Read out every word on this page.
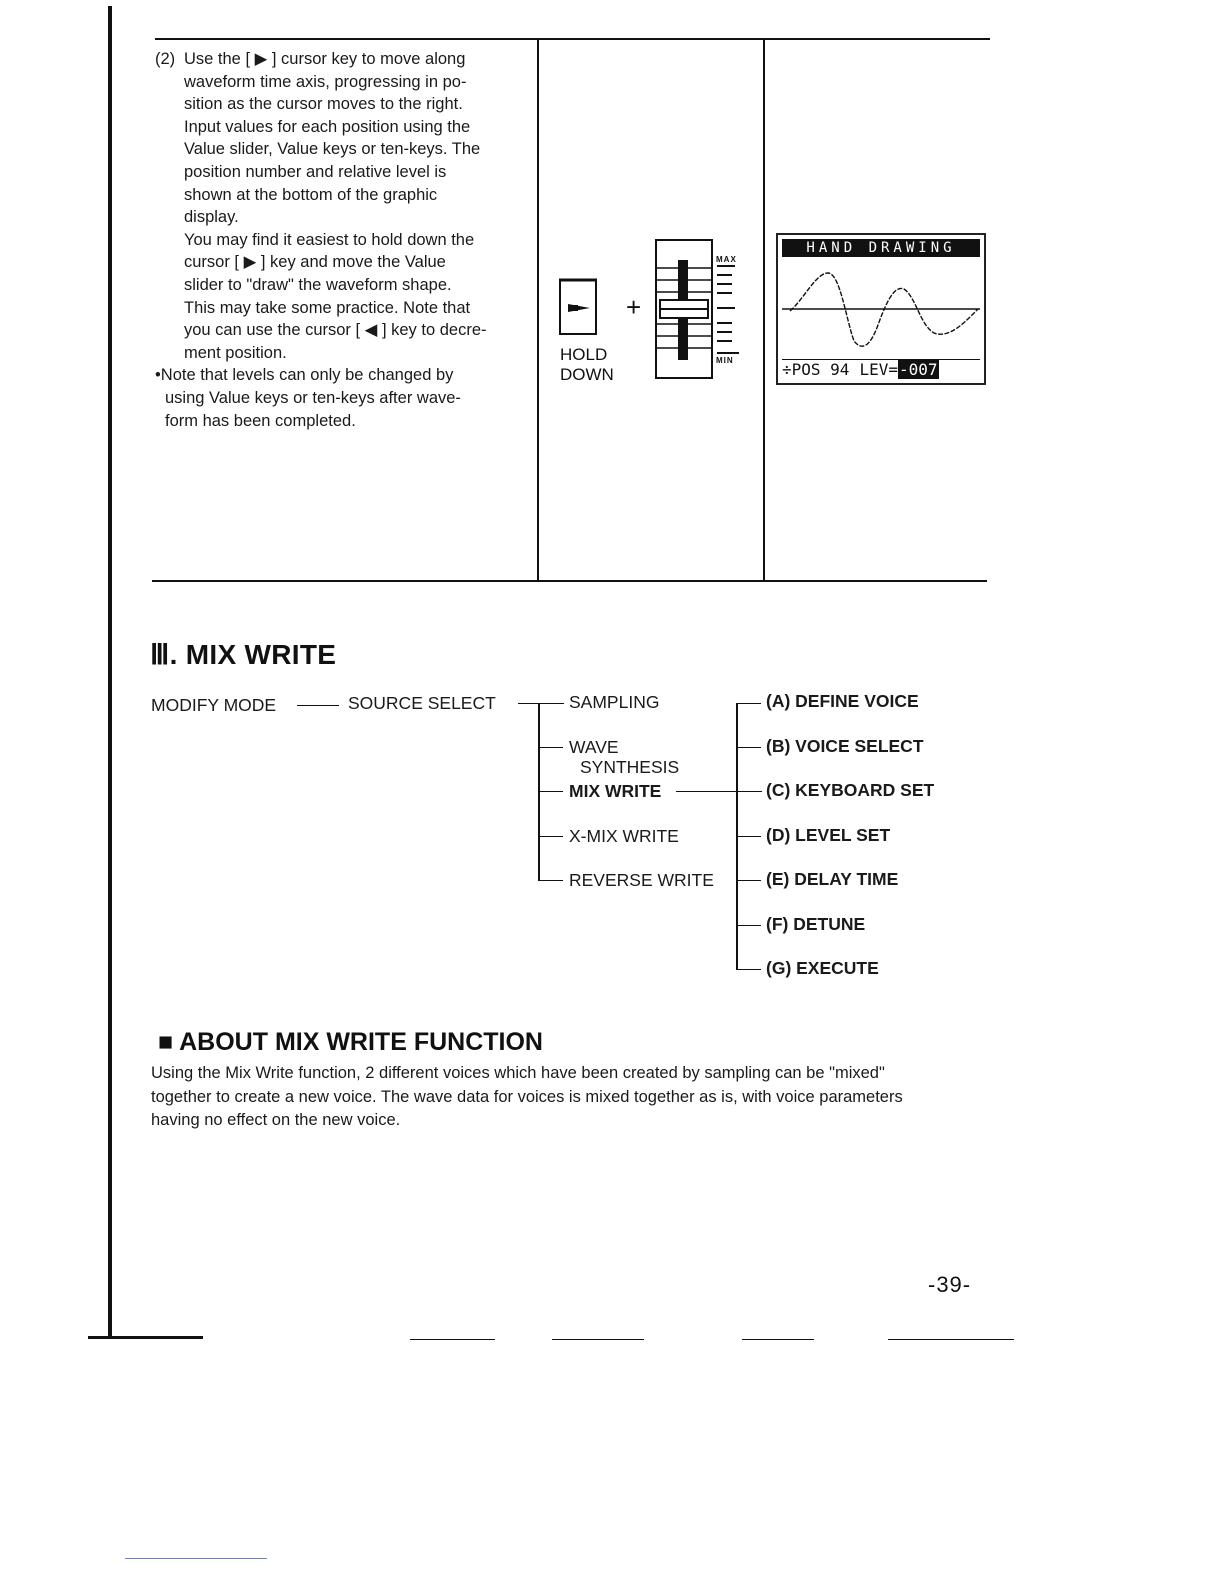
(2) Use the [ ▶ ] cursor key to move along

waveform time axis, progressing in po-

sition as the cursor moves to the right.

Input values for each position using the

Value slider, Value keys or ten-keys. The

position number and relative level is

shown at the bottom of the graphic

display.

You may find it easiest to hold down the

cursor [ ▶ ] key and move the Value

slider to "draw" the waveform shape.

This may take some practice. Note that

you can use the cursor [ ◀ ] key to decre-

ment position.

•Note that levels can only be changed by

using Value keys or ten-keys after wave-

form has been completed.

+
HOLD
DOWN
MAX
MIN
HAND DRAWING
÷POS 94 LEV=-007
Ⅲ. MIX WRITE
MODIFY MODE	SOURCE SELECT	SAMPLING
WAVE
SYNTHESIS
MIX WRITE
X-MIX WRITE
REVERSE WRITE
(A) DEFINE VOICE
(B) VOICE SELECT
(C) KEYBOARD SET
(D) LEVEL SET
(E) DELAY TIME
(F) DETUNE
(G) EXECUTE
■ ABOUT MIX WRITE FUNCTION
Using the Mix Write function, 2 different voices which have been created by sampling can be "mixed"
together to create a new voice. The wave data for voices is mixed together as is, with voice parameters
having no effect on the new voice.
-39-
